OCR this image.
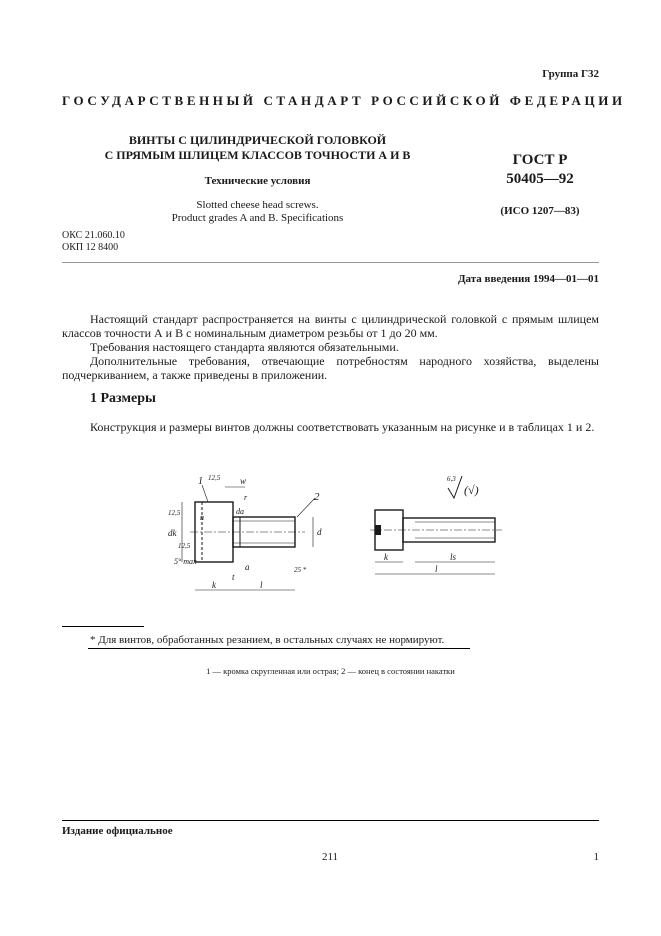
Группа Г32
ГОСУДАРСТВЕННЫЙ СТАНДАРТ РОССИЙСКОЙ ФЕДЕРАЦИИ
ВИНТЫ С ЦИЛИНДРИЧЕСКОЙ ГОЛОВКОЙ
С ПРЯМЫМ ШЛИЦЕМ КЛАССОВ ТОЧНОСТИ А И В
Технические условия
Slotted cheese head screws.
Product grades A and B. Specifications
ГОСТ Р
50405—92
(ИСО 1207—83)
ОКС 21.060.10
ОКП 12 8400
Дата введения 1994—01—01
Настоящий стандарт распространяется на винты с цилиндрической головкой с прямым шлицем классов точности А и В с номинальным диаметром резьбы от 1 до 20 мм.
Требования настоящего стандарта являются обязательными.
Дополнительные требования, отвечающие потребностям народного хозяйства, выделены подчеркиванием, а также приведены в приложении.
1 Размеры
Конструкция и размеры винтов должны соответствовать указанным на рисунке и в таблицах 1 и 2.
1
2
w
r
dk
da
d
n
a
t
k	l
12,5
12,5
12,5
25 *
5° max
6,3
(√)
k	ls
l
* Для винтов, обработанных резанием, в остальных случаях не нормируют.
1 — кромка скругленная или острая; 2 — конец в состоянии накатки
Издание официальное
211	1
